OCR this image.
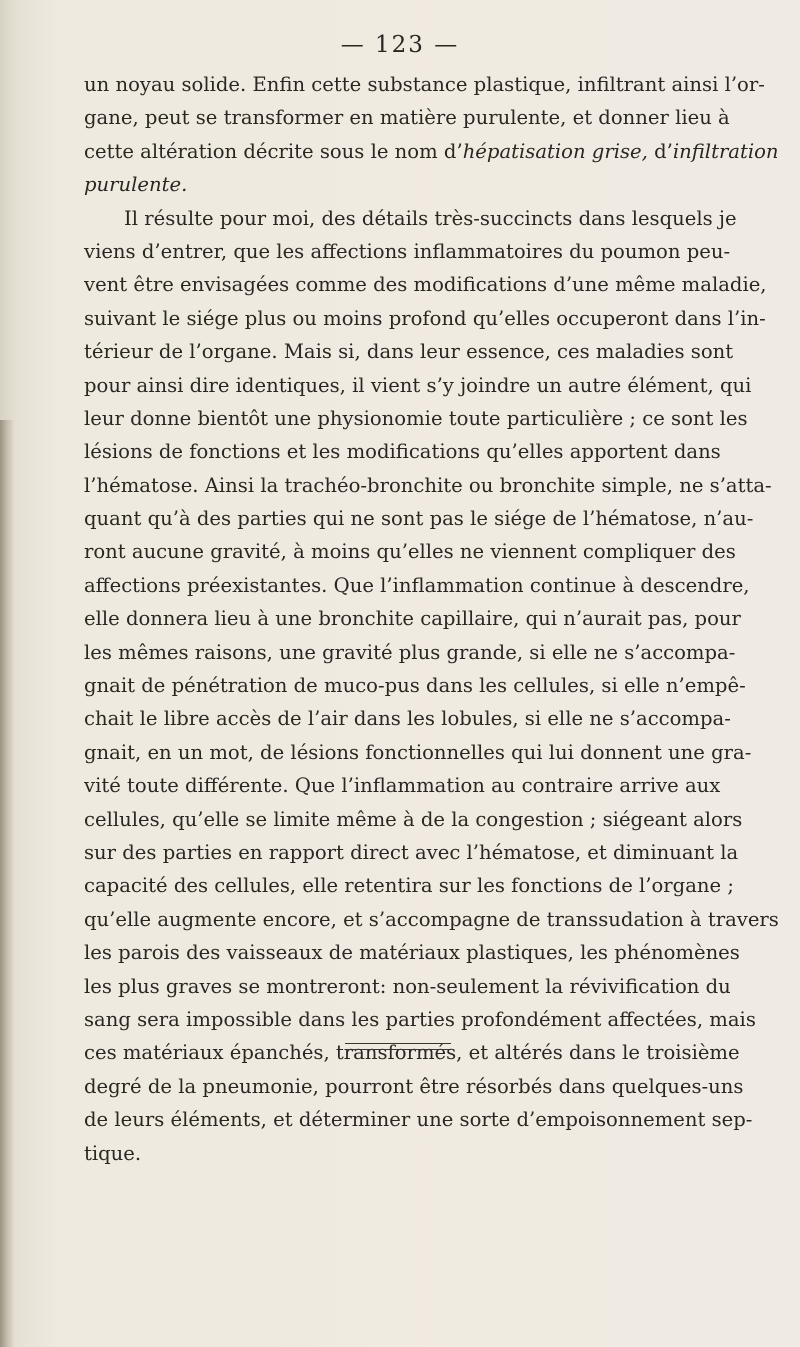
— 123 —
un noyau solide. Enfin cette substance plastique, infiltrant ainsi l’or-
gane, peut se transformer en matière purulente, et donner lieu à
cette altération décrite sous le nom d’hépatisation grise, d’infiltration
purulente.
Il résulte pour moi, des détails très-succincts dans lesquels je
viens d’entrer, que les affections inflammatoires du poumon peu-
vent être envisagées comme des modifications d’une même maladie,
suivant le siége plus ou moins profond qu’elles occuperont dans l’in-
térieur de l’organe. Mais si, dans leur essence, ces maladies sont
pour ainsi dire identiques, il vient s’y joindre un autre élément, qui
leur donne bientôt une physionomie toute particulière ; ce sont les
lésions de fonctions et les modifications qu’elles apportent dans
l’hématose. Ainsi la trachéo-bronchite ou bronchite simple, ne s’atta-
quant qu’à des parties qui ne sont pas le siége de l’hématose, n’au-
ront aucune gravité, à moins qu’elles ne viennent compliquer des
affections préexistantes. Que l’inflammation continue à descendre,
elle donnera lieu à une bronchite capillaire, qui n’aurait pas, pour
les mêmes raisons, une gravité plus grande, si elle ne s’accompa-
gnait de pénétration de muco-pus dans les cellules, si elle n’empê-
chait le libre accès de l’air dans les lobules, si elle ne s’accompa-
gnait, en un mot, de lésions fonctionnelles qui lui donnent une gra-
vité toute différente. Que l’inflammation au contraire arrive aux
cellules, qu’elle se limite même à de la congestion ; siégeant alors
sur des parties en rapport direct avec l’hématose, et diminuant la
capacité des cellules, elle retentira sur les fonctions de l’organe ;
qu’elle augmente encore, et s’accompagne de transsudation à travers
les parois des vaisseaux de matériaux plastiques, les phénomènes
les plus graves se montreront: non-seulement la révivification du
sang sera impossible dans les parties profondément affectées, mais
ces matériaux épanchés, transformés, et altérés dans le troisième
degré de la pneumonie, pourront être résorbés dans quelques-uns
de leurs éléments, et déterminer une sorte d’empoisonnement sep-
tique.
